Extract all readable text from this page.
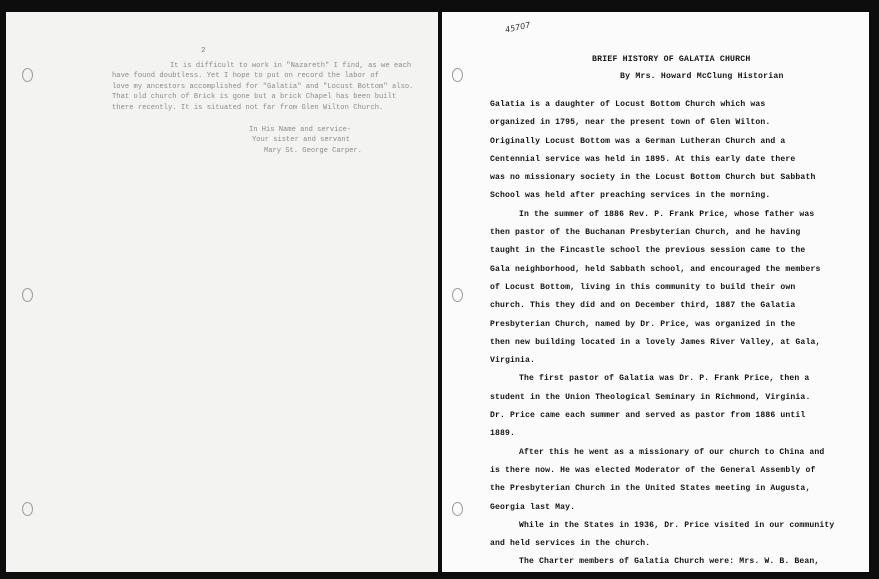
2
It is difficult to work in "Nazareth" I find, as we each
have found doubtless. Yet I hope to put on record the labor of
love my ancestors accomplished for "Galatia" and "Locust Bottom" also.
That old church of Brick is gone but a brick Chapel has been built
there recently. It is situated not far from Glen Wilton Church.
In His Name and service-
Your sister and servant
Mary St. George Carper.
45707
BRIEF HISTORY OF GALATIA CHURCH
By Mrs. Howard McClung Historian
Galatia is a daughter of Locust Bottom Church which was
organized in 1795, near the present town of Glen Wilton.
Originally Locust Bottom was a German Lutheran Church and a
Centennial service was held in 1895. At this early date there
was no missionary society in the Locust Bottom Church but Sabbath
School was held after preaching services in the morning.
In the summer of 1886 Rev. P. Frank Price, whose father was
then pastor of the Buchanan Presbyterian Church, and he having
taught in the Fincastle school the previous session came to the
Gala neighborhood, held Sabbath school, and encouraged the members
of Locust Bottom, living in this community to build their own
church. This they did and on December third, 1887 the Galatia
Presbyterian Church, named by Dr. Price, was organized in the
then new building located in a lovely James River Valley, at Gala,
Virginia.
The first pastor of Galatia was Dr. P. Frank Price, then a
student in the Union Theological Seminary in Richmond, Virginia.
Dr. Price came each summer and served as pastor from 1886 until
1889.
After this he went as a missionary of our church to China and
is there now. He was elected Moderator of the General Assembly of
the Presbyterian Church in the United States meeting in Augusta,
Georgia last May.
While in the States in 1936, Dr. Price visited in our community
and held services in the church.
The Charter members of Galatia Church were: Mrs. W. B. Bean,
